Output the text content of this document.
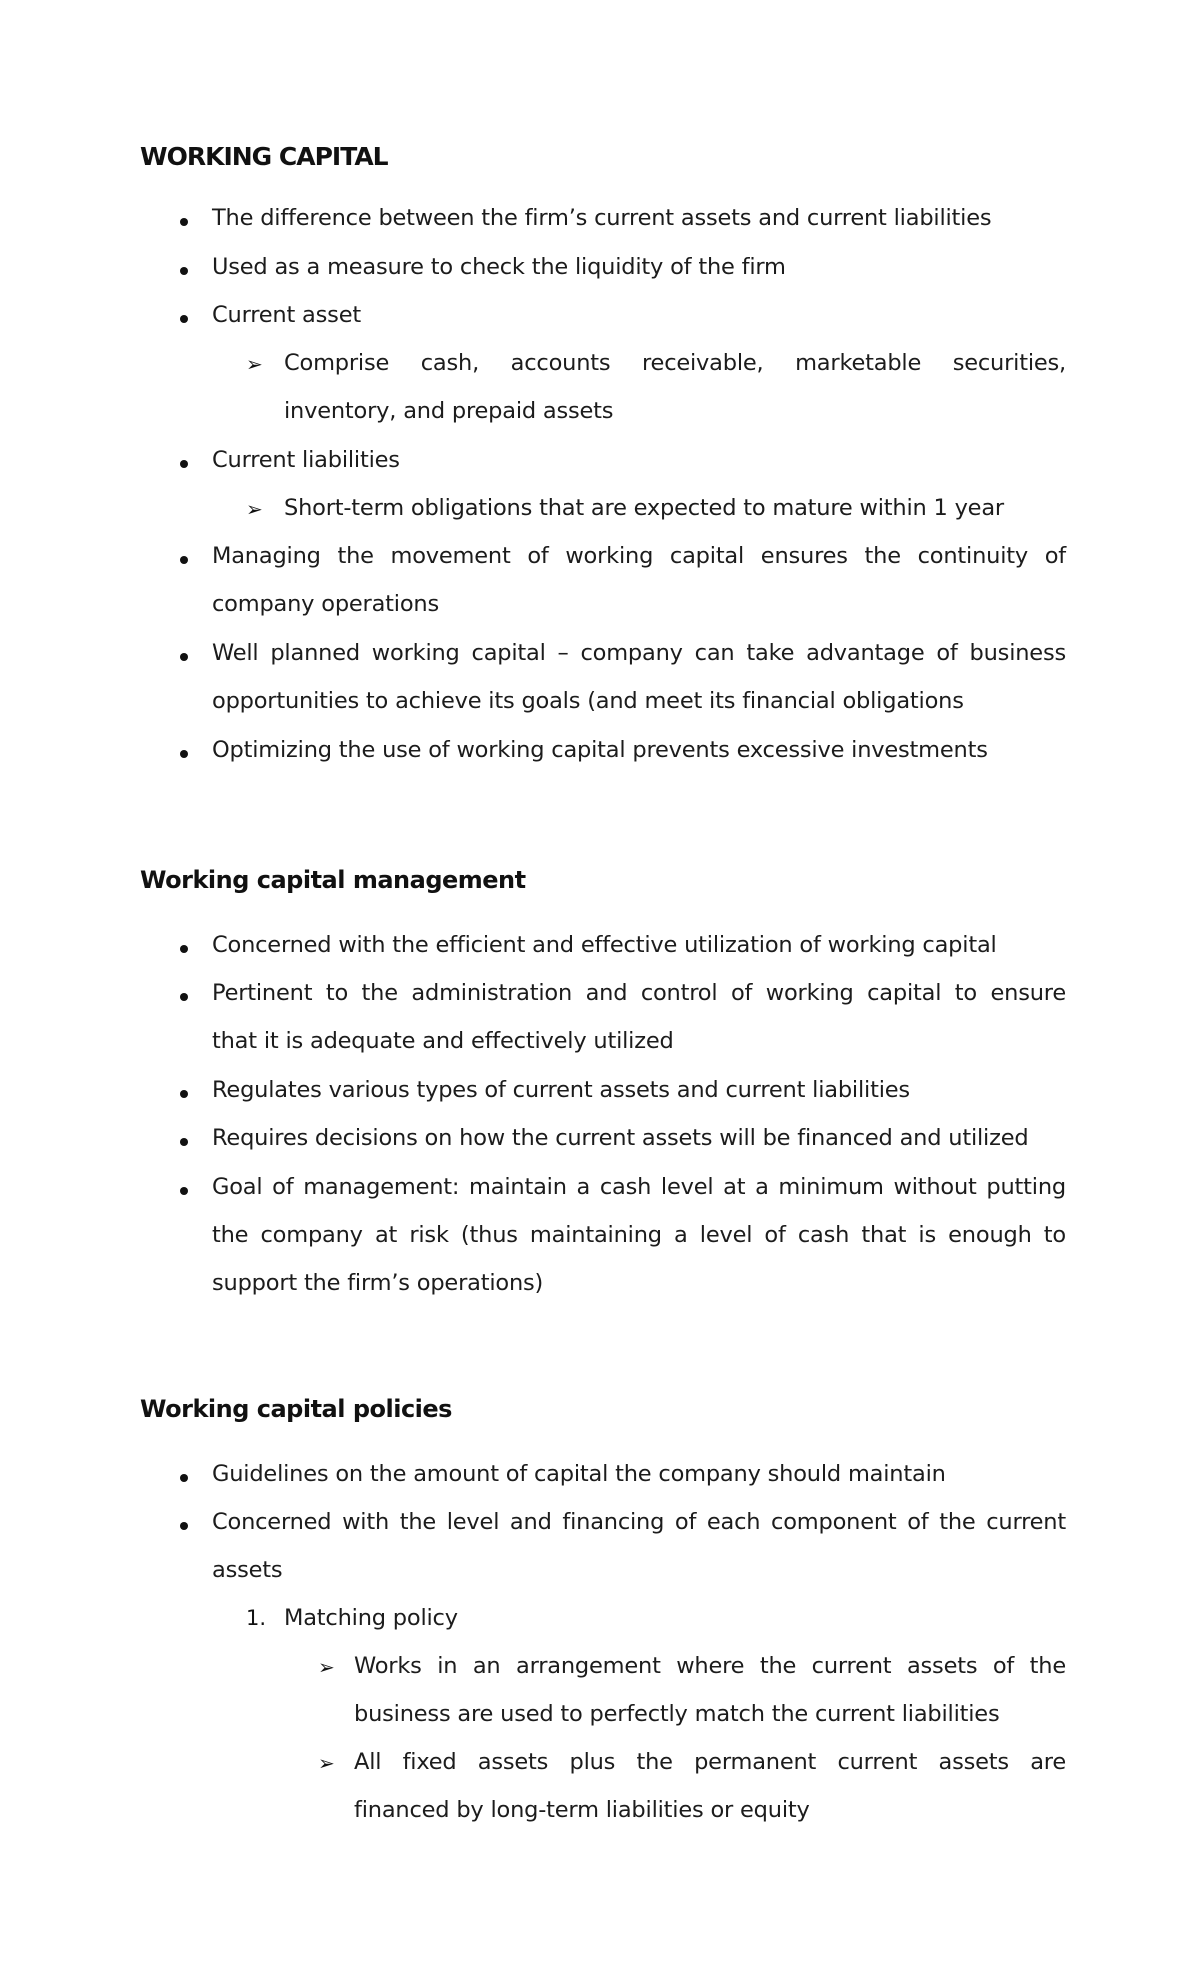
WORKING CAPITAL
The difference between the firm’s current assets and current liabilities
Used as a measure to check the liquidity of the firm
Current asset
➢ Comprise cash, accounts receivable, marketable securities,
inventory, and prepaid assets
Current liabilities
➢ Short-term obligations that are expected to mature within 1 year
Managing the movement of working capital ensures the continuity of
company operations
Well planned working capital – company can take advantage of business
opportunities to achieve its goals (and meet its financial obligations
Optimizing the use of working capital prevents excessive investments
Working capital management
Concerned with the efficient and effective utilization of working capital
Pertinent to the administration and control of working capital to ensure
that it is adequate and effectively utilized
Regulates various types of current assets and current liabilities
Requires decisions on how the current assets will be financed and utilized
Goal of management: maintain a cash level at a minimum without putting
the company at risk (thus maintaining a level of cash that is enough to
support the firm’s operations)
Working capital policies
Guidelines on the amount of capital the company should maintain
Concerned with the level and financing of each component of the current
assets
1. Matching policy
➢ Works in an arrangement where the current assets of the
business are used to perfectly match the current liabilities
➢ All fixed assets plus the permanent current assets are
financed by long-term liabilities or equity
